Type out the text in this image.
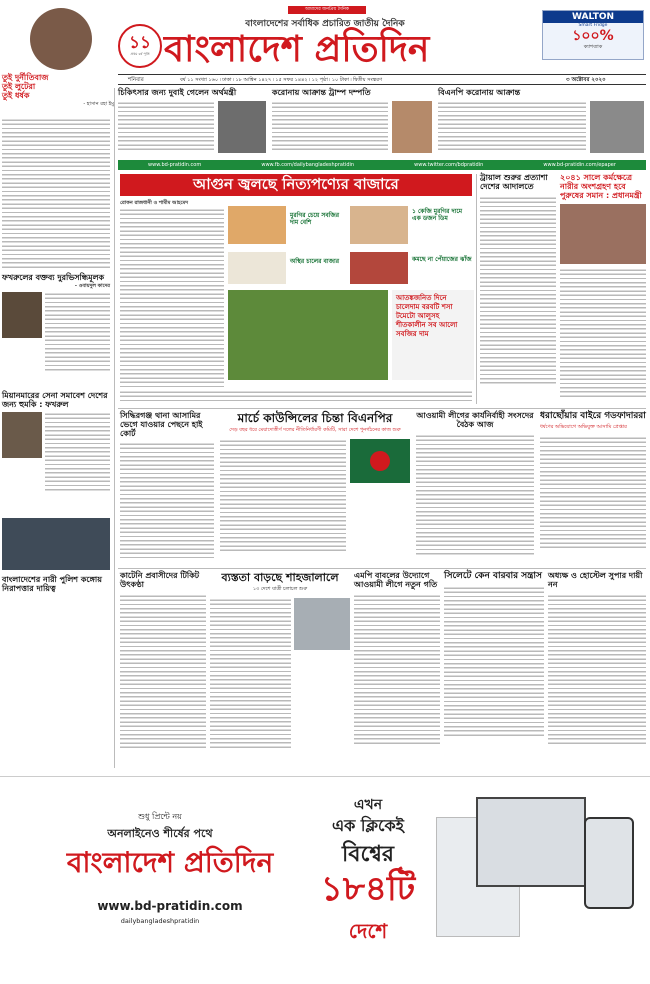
তুই দুর্নীতিবাজ
তুই লুটেরা
তুই ধর্ষক
- হাসান রহা ইমু
১১
প্রথম বর্ষ পূর্তি
আমাদের জনপ্রিয় দৈনিক
বাংলাদেশের সর্বাধিক প্রচারিত জাতীয় দৈনিক
বাংলাদেশ প্রতিদিন
WALTON
Smart Fridge
১০০%
ক্যাশব্যাক
শনিবার	বর্ষ ১১ সংখ্যা ১৬০ ৷ ঢাকা ৷ ১৮ আশ্বিন ১৪২৭ ৷ ১৫ সফর ১৪৪২ ৷ ১২ পৃষ্ঠা ৷ ১০ টাকা ৷ দ্বিতীয় সংস্করণ	৩ অক্টোবর ২০২০
চিকিৎসার জন্য দুবাই গেলেন অর্থমন্ত্রী	করোনায় আক্রান্ত ট্রাম্প দম্পতি	বিএনপি করোনায় আক্রান্ত
www.bd-pratidin.com	www.fb.com/dailybangladeshpratidin	www.twitter.com/bdpratidin	www.bd-pratidin.com/epaper
ফখরুলের বক্তব্য দুরভিসন্ধিমূলক
- ওবায়দুল কাদের
মিয়ানমারের সেনা সমাবেশ দেশের জন্য হুমকি : ফখরুল
বাংলাদেশের নারী পুলিশ কঙ্গোয় নিরাপত্তার দায়িত্ব
আগুন জ্বলছে নিত্যপণ্যের বাজারে
রোকন রাজধানী ও শামীম আহমেদ
মুরগির চেয়ে সবজির দাম বেশি
১ কেজি মুরগির দামে এক ডজন ডিম
অস্থির চালের বাজার	কমছে না পেঁয়াজের ঝাঁজ
আতঙ্কজনিত দিনে চালেদাম বরবটি শসা টমেটো আলুসহ শীতকালীন সব আলো সবজির দাম
ট্রায়াল শুরুর প্রত্যাশা দেশের আদালতে
২০৪১ সালে কর্মক্ষেত্রে নারীর অংশগ্রহণ হবে পুরুষের সমান : প্রধানমন্ত্রী
সিদ্ধিরগঞ্জ থানা আসামির ভেগে যাওয়ার পেছনে হাই কোর্ট
মার্চে কাউন্সিলের চিন্তা বিএনপির
দেড় বছর ধরে মেয়াদোত্তীর্ণ দলের নীতিনির্ধারণী কমিটি, সারা দেশে পুনর্গঠনের কাজ শুরু
আওয়ামী লীগের কার্যনির্বাহী সংসদের বৈঠক আজ
ধরাছোঁয়ার বাইরে গডফাদাররা
ধর্ষণের অভিযোগে অভিযুক্ত আসামি প্রেপ্তার
কাটেনি প্রবাসীদের টিকিট উৎকণ্ঠা
ব্যস্ততা বাড়ছে শাহজালালে
১৩ দেশে যাত্রী চলাচল শুরু
এমপি বাবলের উদ্যোগে আওয়ামী লীগে নতুন গতি
সিলেটে কেন বারবার সন্ত্রাস অধ্যক্ষ ও হোস্টেল সুপার দায়ী নন
শুধু প্রিন্টে নয়
অনলাইনেও শীর্ষের পথে
বাংলাদেশ প্রতিদিন
www.bd-pratidin.com
dailybangladeshpratidin
এখন
এক ক্লিকেই
বিশ্বের
১৮৪টি
দেশে
